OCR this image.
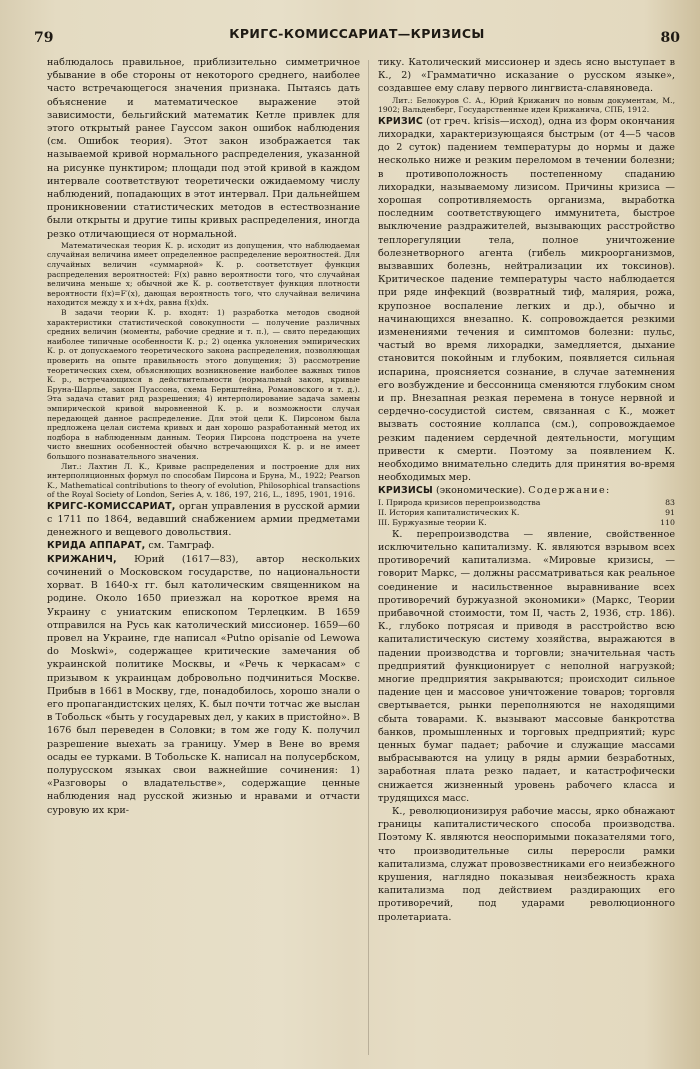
79	КРИГС-КОМИССАРИАТ—КРИЗИСЫ	80

наблюдалось правильное, приблизительно симметричное убывание в обе стороны от некоторого среднего, наиболее часто встречающегося значения признака. Пытаясь дать объяснение и математическое выражение этой зависимости, бельгийский математик Кетле привлек для этого открытый ранее Гауссом закон ошибок наблюдения (см. Ошибок теория). Этот закон изображается так называемой кривой нормального распределения, указанной на рисунке пунктиром; площади под этой кривой в каждом интервале соответствуют теоретически ожидаемому числу наблюдений, попадающих в этот интервал. При дальнейшем проникновении статистических методов в естествознание были открыты и другие типы кривых распределения, иногда резко отличающиеся от нормальной.

Математическая теория К. р. исходит из допущения, что наблюдаемая случайная величина имеет определенное распределение вероятностей. Для случайных величин «суммарной» К. р. соответствует функция распределения вероятностей: F(x) равно вероятности того, что случайная величина меньше x; обычной же К. р. соответствует функция плотности вероятности f(x)=F′(x), дающая вероятность того, что случайная величина находится между x и x+dx, равна f(x)dx.

В задачи теории К. р. входят: 1) разработка методов сводной характеристики статистической совокупности — получение различных средних величин (моменты, рабочие средние и т. п.), — свято передающих наиболее типичные особенности К. р.; 2) оценка уклонения эмпирических К. р. от допускаемого теоретического закона распределения, позволяющая проверить на опыте правильность этого допущения; 3) рассмотрение теоретических схем, объясняющих возникновение наиболее важных типов К. р., встречающихся в действительности (нормальный закон, кривые Бруна-Шарлье, закон Пуассона, схема Бернштейна, Романовского и т. д.). Эта задача ставит ряд разрешения; 4) интерполирование задача замены эмпирической кривой выровненной К. р. и возможности случая передающей данное распределение. Для этой цели К. Пирсоном была предложена целая система кривых и дан хорошо разработанный метод их подбора в наблюденным данным. Теория Пирсона подстроена на учете чисто внешних особенностей обычно встречающихся К. р. и не имеет большого познавательного значения.

Лит.: Лахтин Л. К., Кривые распределения и построение для них интерполяционных формул по способам Пирсона и Бруна, М., 1922; Pearson K., Mathematical contributions to theory of evolution, Philosophical transactions of the Royal Society of London, Series A, v. 186, 197, 216, L., 1895, 1901, 1916.

КРИГС-КОМИССАРИАТ, орган управления в русской армии с 1711 по 1864, ведавший снабжением армии предметами денежного и вещевого довольствия.

КРИДА АППАРАТ, см. Тамграф.

КРИЖАНИЧ, Юрий (1617—83), автор нескольких сочинений о Московском государстве, по национальности хорват. В 1640-х гг. был католическим священником на родине. Около 1650 приезжал на короткое время на Украину с униатским епископом Терлецким. В 1659 отправился на Русь как католический миссионер. 1659—60 провел на Украине, где написал «Putno opisanie od Lewowa do Moskwi», содержащее критические замечания об украинской политике Москвы, и «Речь к черкасам» с призывом к украинцам добровольно подчиниться Москве. Прибыв в 1661 в Москву, где, понадобилось, хорошо знали о его пропагандистских целях, К. был почти тотчас же выслан в Тобольск «быть у государевых дел, у каких в пристойно». В 1676 был переведен в Соловки; в том же году К. получил разрешение выехать за границу. Умер в Вене во время осады ее турками. В Тобольске К. написал на полусербском, полурусском языках свои важнейшие сочинения: 1) «Разговоры о владательстве», содержащие ценные наблюдения над русской жизнью и нравами и отчасти суровую их кри-

тику. Католический миссионер и здесь ясно выступает в К., 2) «Грамматично исказание о русском языке», создавшее ему славу первого лингвиста-славяноведа.

Лит.: Белокуров С. А., Юрий Крижанич по новым документам, М., 1902; Вальденберг, Государственные идеи Крижанича, СПБ, 1912.

КРИЗИС (от греч. krisis—исход), одна из форм окончания лихорадки, характеризующаяся быстрым (от 4—5 часов до 2 суток) падением температуры до нормы и даже несколько ниже и резким переломом в течении болезни; в противоположность постепенному спаданию лихорадки, называемому лизисом. Причины кризиса — хорошая сопротивляемость организма, выработка последним соответствующего иммунитета, быстрое выключение раздражителей, вызывающих расстройство теплорегуляции тела, полное уничтожение болезнетворного агента (гибель микроорганизмов, вызвавших болезнь, нейтрализации их токсинов). Критическое падение температуры часто наблюдается при ряде инфекций (возвратный тиф, малярия, рожа, крупозное воспаление легких и др.), обычно и начинающихся внезапно. К. сопровождается резкими изменениями течения и симптомов болезни: пульс, частый во время лихорадки, замедляется, дыхание становится покойным и глубоким, появляется сильная испарина, проясняется сознание, в случае затемнения его возбуждение и бессонница сменяются глубоким сном и пр. Внезапная резкая перемена в тонусе нервной и сердечно-сосудистой систем, связанная с К., может вызвать состояние коллапса (см.), сопровождаемое резким падением сердечной деятельности, могущим привести к смерти. Поэтому за появлением К. необходимо внимательно следить для принятия во-время необходимых мер.

КРИЗИСЫ (экономические). Содержание:

I. Природа кризисов перепроизводства	83
II. История капиталистических К.	91
III. Буржуазные теории К.	110

К. перепроизводства — явление, свойственное исключительно капитализму. К. являются взрывом всех противоречий капитализма. «Мировые кризисы, — говорит Маркс, — должны рассматриваться как реальное соединение и насильственное выравнивание всех противоречий буржуазной экономики» (Маркс, Теории прибавочной стоимости, том II, часть 2, 1936, стр. 186). К., глубоко потрясая и приводя в расстройство всю капиталистическую систему хозяйства, выражаются в падении производства и торговли; значительная часть предприятий функционирует с неполной нагрузкой; многие предприятия закрываются; происходит сильное падение цен и массовое уничтожение товаров; торговля свертывается, рынки переполняются не находящими сбыта товарами. К. вызывают массовые банкротства банков, промышленных и торговых предприятий; курс ценных бумаг падает; рабочие и служащие массами выбрасываются на улицу в ряды армии безработных, заработная плата резко падает, и катастрофически снижается жизненный уровень рабочего класса и трудящихся масс.

К., революционизируя рабочие массы, ярко обнажают границы капиталистического способа производства. Поэтому К. являются неоспоримыми показателями того, что производительные силы переросли рамки капитализма, служат провозвестниками его неизбежного крушения, наглядно показывая неизбежность краха капитализма под действием раздирающих его противоречий, под ударами революционного пролетариата.
